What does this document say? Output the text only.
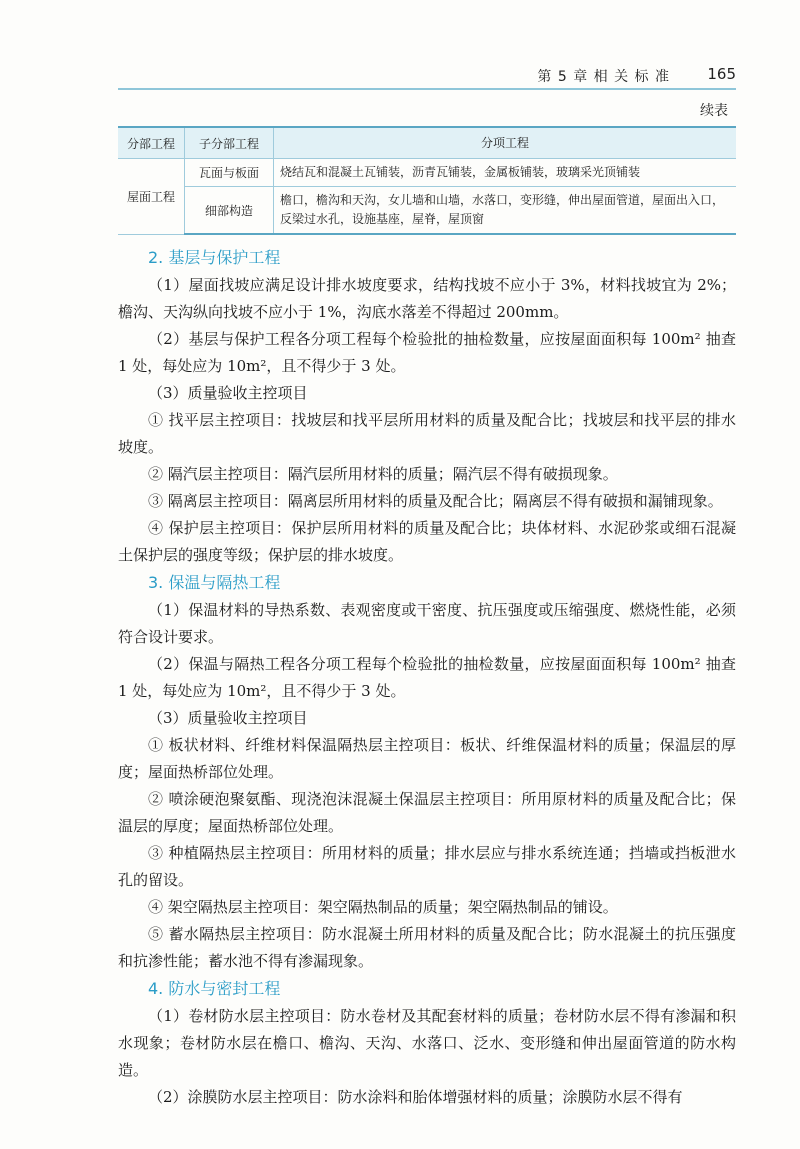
第 5 章 相 关 标 准 165
续表
分部工程	子分部工程	分项工程
屋面工程	瓦面与板面	烧结瓦和混凝土瓦铺装，沥青瓦铺装，金属板铺装，玻璃采光顶铺装
	细部构造	檐口，檐沟和天沟，女儿墙和山墙，水落口，变形缝，伸出屋面管道，屋面出入口，反梁过水孔，设施基座，屋脊，屋顶窗
2. 基层与保护工程

（1）屋面找坡应满足设计排水坡度要求，结构找坡不应小于 3%，材料找坡宜为 2%；檐沟、天沟纵向找坡不应小于 1%，沟底水落差不得超过 200mm。

（2）基层与保护工程各分项工程每个检验批的抽检数量，应按屋面面积每 100m² 抽查 1 处，每处应为 10m²，且不得少于 3 处。

（3）质量验收主控项目

① 找平层主控项目：找坡层和找平层所用材料的质量及配合比；找坡层和找平层的排水坡度。

② 隔汽层主控项目：隔汽层所用材料的质量；隔汽层不得有破损现象。

③ 隔离层主控项目：隔离层所用材料的质量及配合比；隔离层不得有破损和漏铺现象。

④ 保护层主控项目：保护层所用材料的质量及配合比；块体材料、水泥砂浆或细石混凝土保护层的强度等级；保护层的排水坡度。

3. 保温与隔热工程

（1）保温材料的导热系数、表观密度或干密度、抗压强度或压缩强度、燃烧性能，必须符合设计要求。

（2）保温与隔热工程各分项工程每个检验批的抽检数量，应按屋面面积每 100m² 抽查 1 处，每处应为 10m²，且不得少于 3 处。

（3）质量验收主控项目

① 板状材料、纤维材料保温隔热层主控项目：板状、纤维保温材料的质量；保温层的厚度；屋面热桥部位处理。

② 喷涂硬泡聚氨酯、现浇泡沫混凝土保温层主控项目：所用原材料的质量及配合比；保温层的厚度；屋面热桥部位处理。

③ 种植隔热层主控项目：所用材料的质量；排水层应与排水系统连通；挡墙或挡板泄水孔的留设。

④ 架空隔热层主控项目：架空隔热制品的质量；架空隔热制品的铺设。

⑤ 蓄水隔热层主控项目：防水混凝土所用材料的质量及配合比；防水混凝土的抗压强度和抗渗性能；蓄水池不得有渗漏现象。

4. 防水与密封工程

（1）卷材防水层主控项目：防水卷材及其配套材料的质量；卷材防水层不得有渗漏和积水现象；卷材防水层在檐口、檐沟、天沟、水落口、泛水、变形缝和伸出屋面管道的防水构造。

（2）涂膜防水层主控项目：防水涂料和胎体增强材料的质量；涂膜防水层不得有
